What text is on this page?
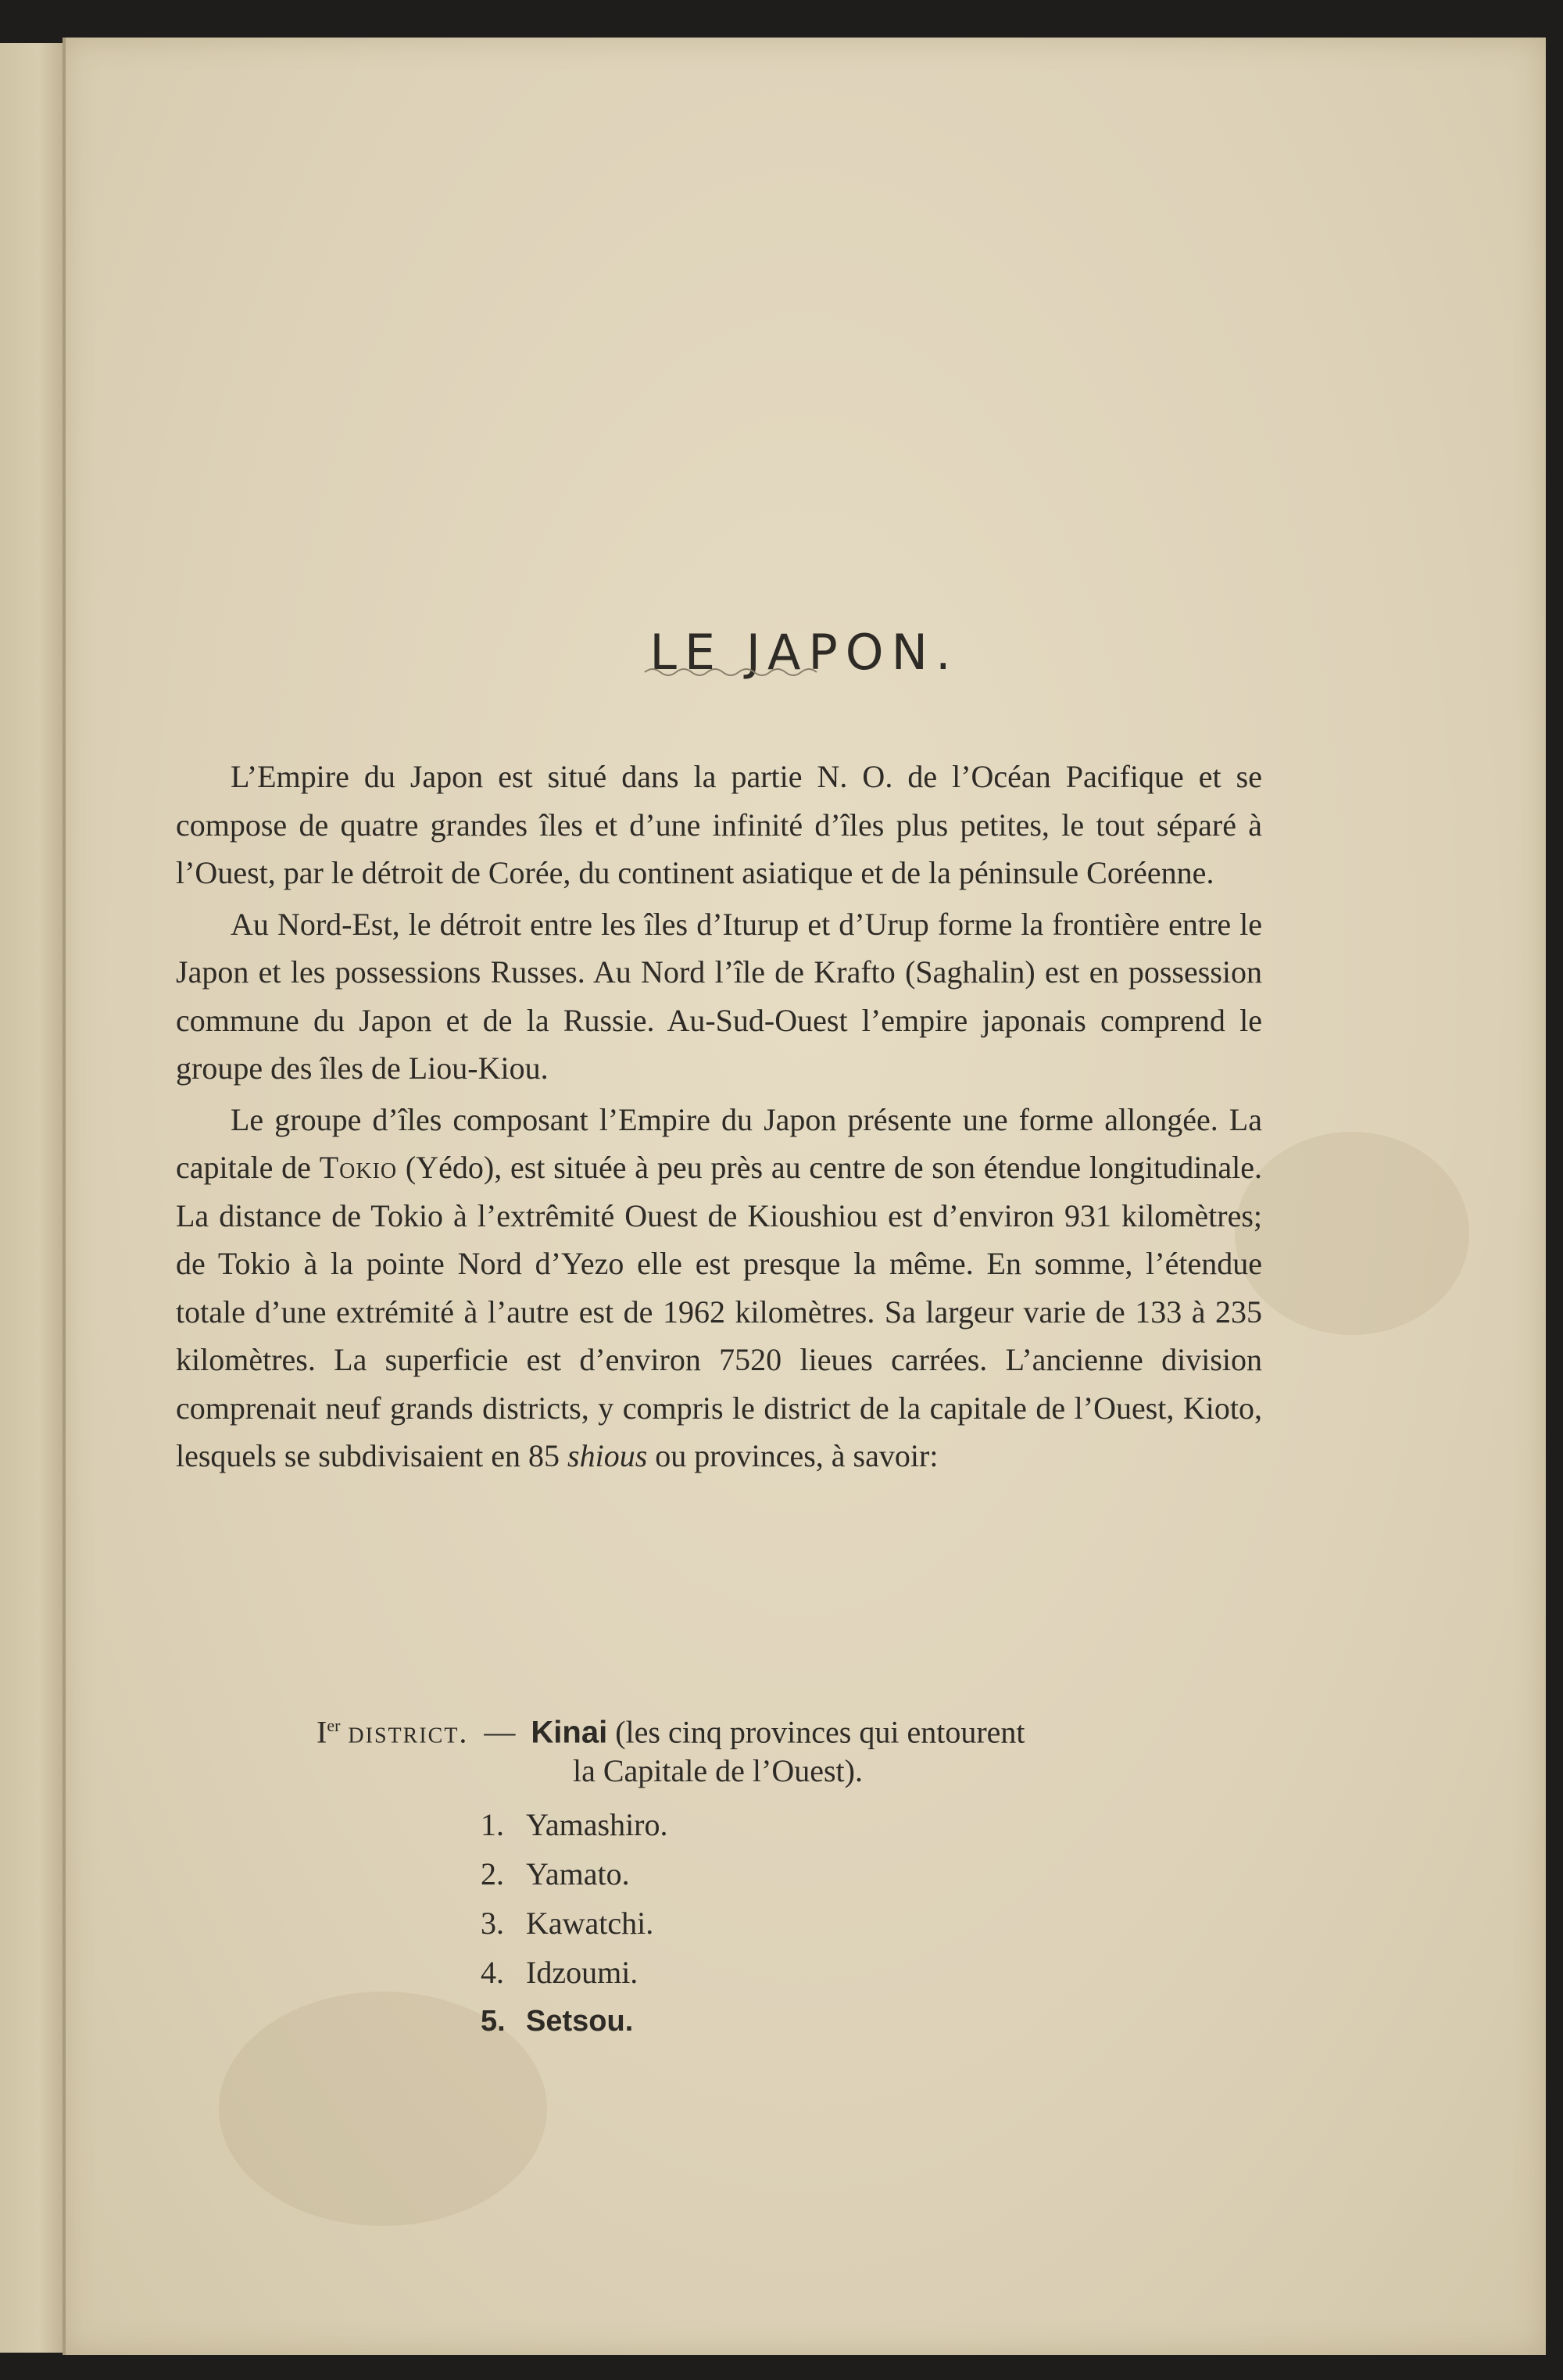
LE JAPON.

L’Empire du Japon est situé dans la partie N. O. de l’Océan Pacifique et se compose de quatre grandes îles et d’une infinité d’îles plus petites, le tout séparé à l’Ouest, par le détroit de Corée, du continent asiatique et de la péninsule Coréenne.

Au Nord-Est, le détroit entre les îles d’Iturup et d’Urup forme la frontière entre le Japon et les possessions Russes. Au Nord l’île de Krafto (Saghalin) est en possession commune du Japon et de la Russie. Au-Sud-Ouest l’empire japonais comprend le groupe des îles de Liou-Kiou.

Le groupe d’îles composant l’Empire du Japon présente une forme allongée. La capitale de Tokio (Yédo), est située à peu près au centre de son étendue longitudinale. La distance de Tokio à l’extrêmité Ouest de Kioushiou est d’environ 931 kilomètres; de Tokio à la pointe Nord d’Yezo elle est presque la même. En somme, l’étendue totale d’une extrémité à l’autre est de 1962 kilomètres. Sa largeur varie de 133 à 235 kilomètres. La superficie est d’environ 7520 lieues carrées. L’ancienne division comprenait neuf grands districts, y compris le district de la capitale de l’Ouest, Kioto, lesquels se subdivisaient en 85 shious ou provinces, à savoir:

Ier district. — Kinai (les cinq provinces qui entourent
la Capitale de l’Ouest).
1. Yamashiro.
2. Yamato.
3. Kawatchi.
4. Idzoumi.
5. Setsou.
